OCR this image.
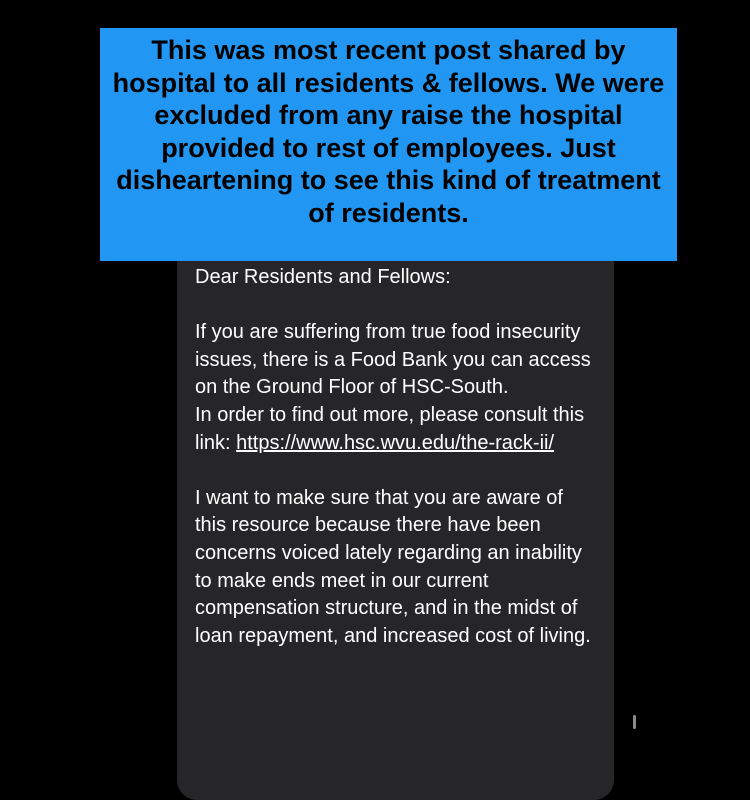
Dear Residents and Fellows:

If you are suffering from true food insecurity issues, there is a Food Bank you can access on the Ground Floor of HSC-South.

In order to find out more, please consult this link: https://www.hsc.wvu.edu/the-rack-ii/

I want to make sure that you are aware of this resource because there have been concerns voiced lately regarding an inability to make ends meet in our current compensation structure, and in the midst of loan repayment, and increased cost of living.

This was most recent post shared by hospital to all residents & fellows. We were excluded from any raise the hospital provided to rest of employees. Just disheartening to see this kind of treatment of residents.
